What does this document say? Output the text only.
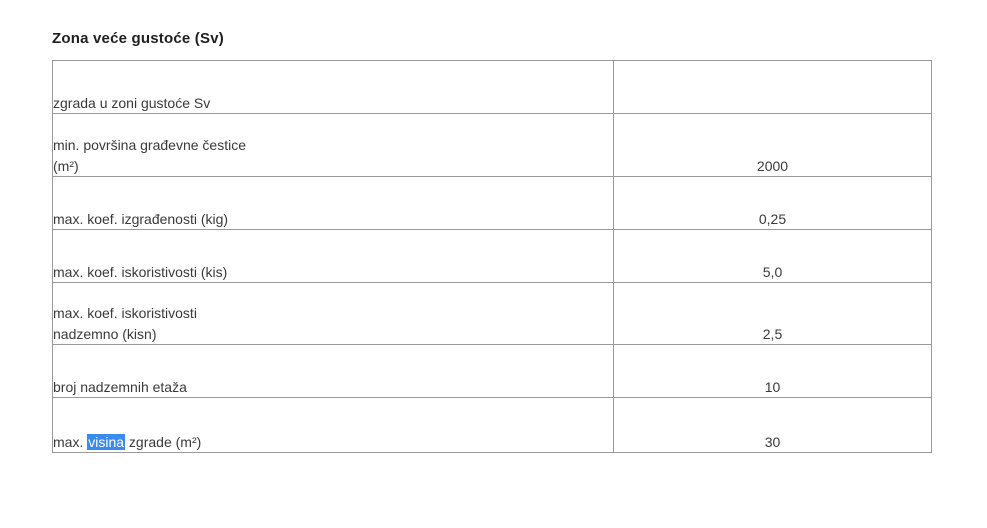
Zona veće gustoće (Sv)
zgrada u zoni gustoće Sv	
min. površina građevne čestice
(m²)	2000
max. koef. izgrađenosti (kig)	0,25
max. koef. iskoristivosti (kis)	5,0
max. koef. iskoristivosti
nadzemno (kisn)	2,5
broj nadzemnih etaža	10
max. visina zgrade (m²)	30
